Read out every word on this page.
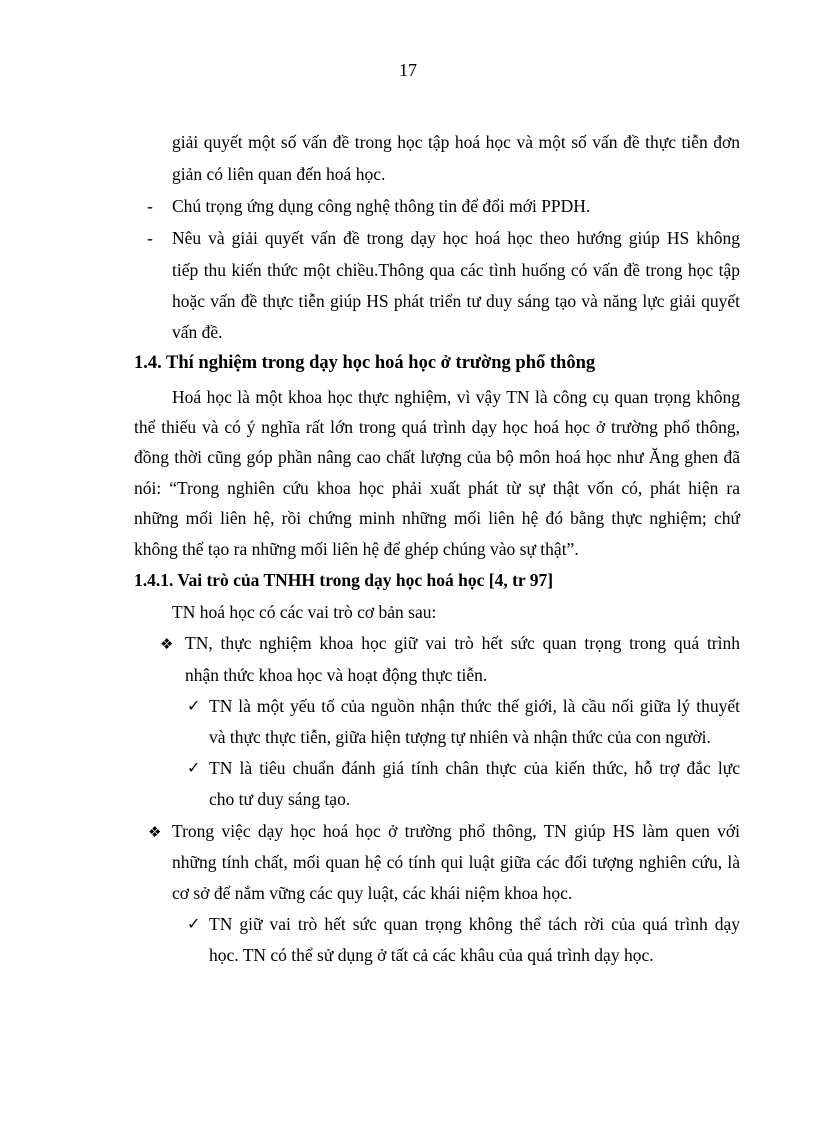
17
giải quyết một số vấn đề trong học tập hoá học và một số vấn đề thực tiễn đơn
giản có liên quan đến hoá học.
- Chú trọng ứng dụng công nghệ thông tin để đổi mới PPDH.
- Nêu và giải quyết vấn đề trong dạy học hoá học theo hướng giúp HS không
tiếp thu kiến thức một chiều.Thông qua các tình huống có vấn đề trong học tập
hoặc vấn đề thực tiễn giúp HS phát triển tư duy sáng tạo và năng lực giải quyết
vấn đề.
1.4. Thí nghiệm trong dạy học hoá học ở trường phổ thông
Hoá học là một khoa học thực nghiệm, vì vậy TN là công cụ quan trọng không
thể thiếu và có ý nghĩa rất lớn trong quá trình dạy học hoá học ở trường phổ thông,
đồng thời cũng góp phần nâng cao chất lượng của bộ môn hoá học như Ăng ghen đã
nói: “Trong nghiên cứu khoa học phải xuất phát từ sự thật vốn có, phát hiện ra
những mối liên hệ, rồi chứng minh những mối liên hệ đó bằng thực nghiệm; chứ
không thể tạo ra những mối liên hệ để ghép chúng vào sự thật”.
1.4.1. Vai trò của TNHH trong dạy học hoá học [4, tr 97]
TN hoá học có các vai trò cơ bản sau:
❖ TN, thực nghiệm khoa học giữ vai trò hết sức quan trọng trong quá trình
nhận thức khoa học và hoạt động thực tiễn.
✓ TN là một yếu tố của nguồn nhận thức thế giới, là cầu nối giữa lý thuyết
và thực thực tiễn, giữa hiện tượng tự nhiên và nhận thức của con người.
✓ TN là tiêu chuẩn đánh giá tính chân thực của kiến thức, hỗ trợ đắc lực
cho tư duy sáng tạo.
❖ Trong việc dạy học hoá học ở trường phổ thông, TN giúp HS làm quen với
những tính chất, mối quan hệ có tính qui luật giữa các đối tượng nghiên cứu, là
cơ sở để nắm vững các quy luật, các khái niệm khoa học.
✓ TN giữ vai trò hết sức quan trọng không thể tách rời của quá trình dạy
học. TN có thể sử dụng ở tất cả các khâu của quá trình dạy học.
